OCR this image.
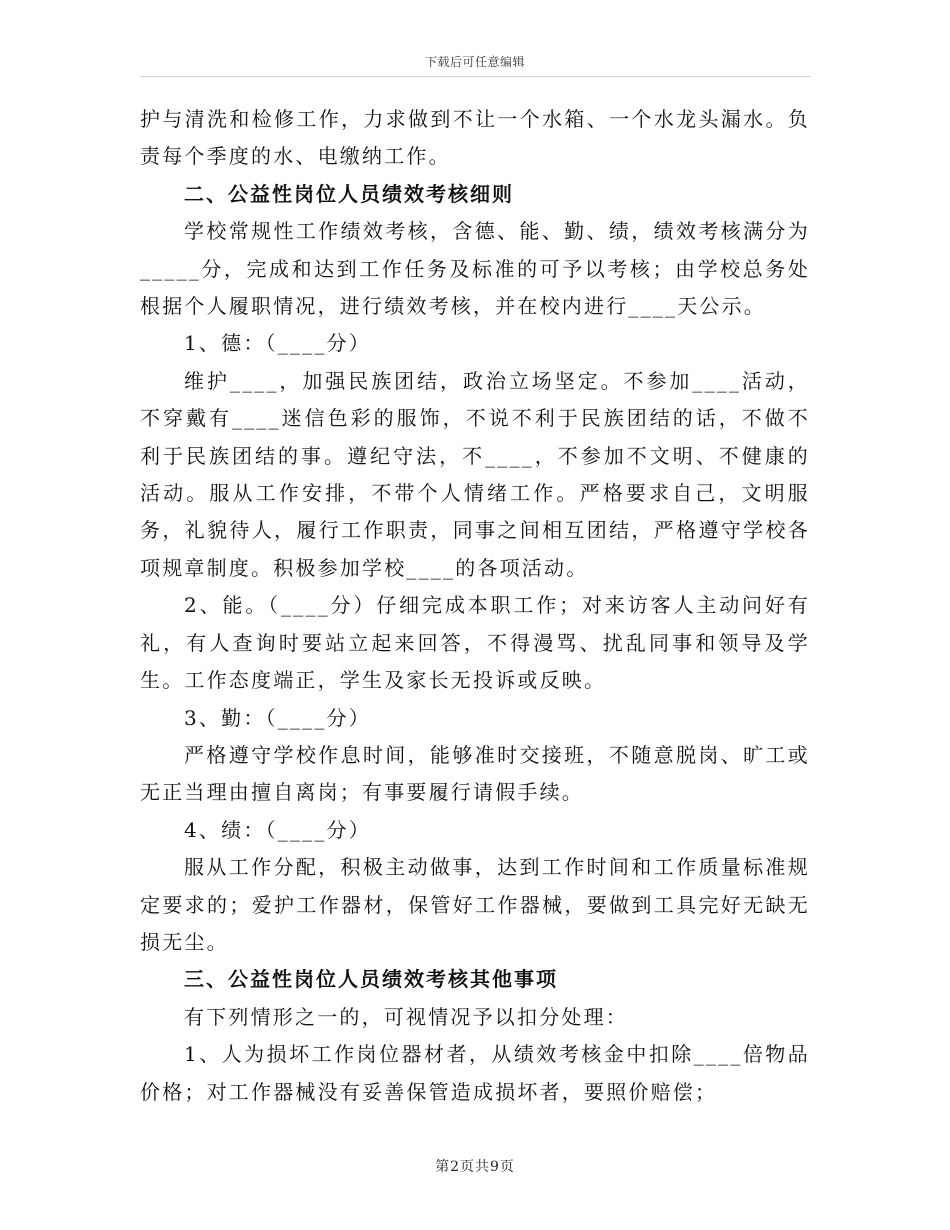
下载后可任意编辑

护与清洗和检修工作，力求做到不让一个水箱、一个水龙头漏水。负责每个季度的水、电缴纳工作。

二、公益性岗位人员绩效考核细则

学校常规性工作绩效考核，含德、能、勤、绩，绩效考核满分为_____分，完成和达到工作任务及标准的可予以考核；由学校总务处根据个人履职情况，进行绩效考核，并在校内进行____天公示。

1、德：（____分）

维护____，加强民族团结，政治立场坚定。不参加____活动，不穿戴有____迷信色彩的服饰，不说不利于民族团结的话，不做不利于民族团结的事。遵纪守法，不____，不参加不文明、不健康的活动。服从工作安排，不带个人情绪工作。严格要求自己，文明服务，礼貌待人，履行工作职责，同事之间相互团结，严格遵守学校各项规章制度。积极参加学校____的各项活动。

2、能。（____分）仔细完成本职工作；对来访客人主动问好有礼，有人查询时要站立起来回答，不得漫骂、扰乱同事和领导及学生。工作态度端正，学生及家长无投诉或反映。

3、勤：（____分）

严格遵守学校作息时间，能够准时交接班，不随意脱岗、旷工或无正当理由擅自离岗；有事要履行请假手续。

4、绩：（____分）

服从工作分配，积极主动做事，达到工作时间和工作质量标准规定要求的；爱护工作器材，保管好工作器械，要做到工具完好无缺无损无尘。

三、公益性岗位人员绩效考核其他事项

有下列情形之一的，可视情况予以扣分处理：

1、人为损坏工作岗位器材者，从绩效考核金中扣除____倍物品价格；对工作器械没有妥善保管造成损坏者，要照价赔偿；

第2页共9页
